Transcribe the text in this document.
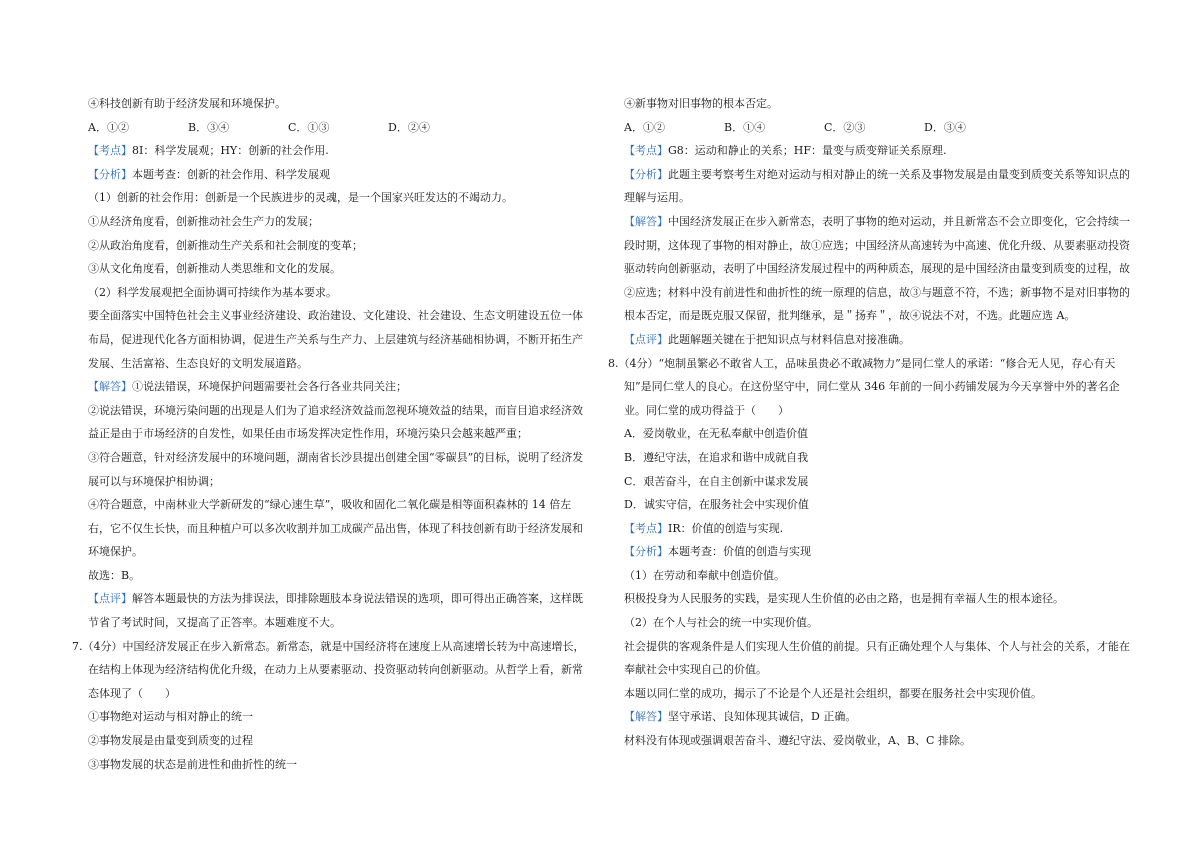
④科技创新有助于经济发展和环境保护。
A．①②	B．③④	C．①③	D．②④
【考点】8I：科学发展观；HY：创新的社会作用.
【分析】本题考查：创新的社会作用、科学发展观
（1）创新的社会作用：创新是一个民族进步的灵魂，是一个国家兴旺发达的不竭动力。
①从经济角度看，创新推动社会生产力的发展；
②从政治角度看，创新推动生产关系和社会制度的变革；
③从文化角度看，创新推动人类思维和文化的发展。
（2）科学发展观把全面协调可持续作为基本要求。
要全面落实中国特色社会主义事业经济建设、政治建设、文化建设、社会建设、生态文明建设五位一体布局，促进现代化各方面相协调，促进生产关系与生产力、上层建筑与经济基础相协调，不断开拓生产发展、生活富裕、生态良好的文明发展道路。
【解答】①说法错误，环境保护问题需要社会各行各业共同关注；
②说法错误，环境污染问题的出现是人们为了追求经济效益而忽视环境效益的结果，而盲目追求经济效益正是由于市场经济的自发性，如果任由市场发挥决定性作用，环境污染只会越来越严重；
③符合题意，针对经济发展中的环境问题，湖南省长沙县提出创建全国“零碳县”的目标，说明了经济发展可以与环境保护相协调；
④符合题意，中南林业大学新研发的“绿心速生草”，吸收和固化二氧化碳是相等面积森林的 14 倍左右，它不仅生长快，而且种植户可以多次收割并加工成碳产品出售，体现了科技创新有助于经济发展和环境保护。
故选：B。
【点评】解答本题最快的方法为排误法，即排除题肢本身说法错误的选项，即可得出正确答案，这样既节省了考试时间，又提高了正答率。本题难度不大。
7.（4分）中国经济发展正在步入新常态。新常态，就是中国经济将在速度上从高速增长转为中高速增长，在结构上体现为经济结构优化升级，在动力上从要素驱动、投资驱动转向创新驱动。从哲学上看，新常态体现了（　　）
①事物绝对运动与相对静止的统一
②事物发展是由量变到质变的过程
③事物发展的状态是前进性和曲折性的统一
④新事物对旧事物的根本否定。
A．①②	B．①④	C．②③	D．③④
【考点】G8：运动和静止的关系；HF：量变与质变辩证关系原理.
【分析】此题主要考察考生对绝对运动与相对静止的统一关系及事物发展是由量变到质变关系等知识点的理解与运用。
【解答】中国经济发展正在步入新常态，表明了事物的绝对运动，并且新常态不会立即变化，它会持续一段时期，这体现了事物的相对静止，故①应选；中国经济从高速转为中高速、优化升级、从要素驱动投资驱动转向创新驱动，表明了中国经济发展过程中的两种质态，展现的是中国经济由量变到质变的过程，故②应选；材料中没有前进性和曲折性的统一原理的信息，故③与题意不符，不选；新事物不是对旧事物的根本否定，而是既克服又保留，批判继承，是＂扬弃＂，故④说法不对，不选。此题应选 A。
【点评】此题解题关键在于把知识点与材料信息对接准确。
8.（4分）“炮制虽繁必不敢省人工，品味虽贵必不敢减物力”是同仁堂人的承诺：“修合无人见，存心有天知”是同仁堂人的良心。在这份坚守中，同仁堂从 346 年前的一间小药铺发展为今天享誉中外的著名企业。同仁堂的成功得益于（　　）
A．爱岗敬业，在无私奉献中创造价值
B．遵纪守法，在追求和谐中成就自我
C．艰苦奋斗，在自主创新中谋求发展
D．诚实守信，在服务社会中实现价值
【考点】IR：价值的创造与实现.
【分析】本题考查：价值的创造与实现
（1）在劳动和奉献中创造价值。
积极投身为人民服务的实践，是实现人生价值的必由之路，也是拥有幸福人生的根本途径。
（2）在个人与社会的统一中实现价值。
社会提供的客观条件是人们实现人生价值的前提。只有正确处理个人与集体、个人与社会的关系，才能在奉献社会中实现自己的价值。
本题以同仁堂的成功，揭示了不论是个人还是社会组织，都要在服务社会中实现价值。
【解答】坚守承诺、良知体现其诚信，D 正确。
材料没有体现或强调艰苦奋斗、遵纪守法、爱岗敬业，A、B、C 排除。
